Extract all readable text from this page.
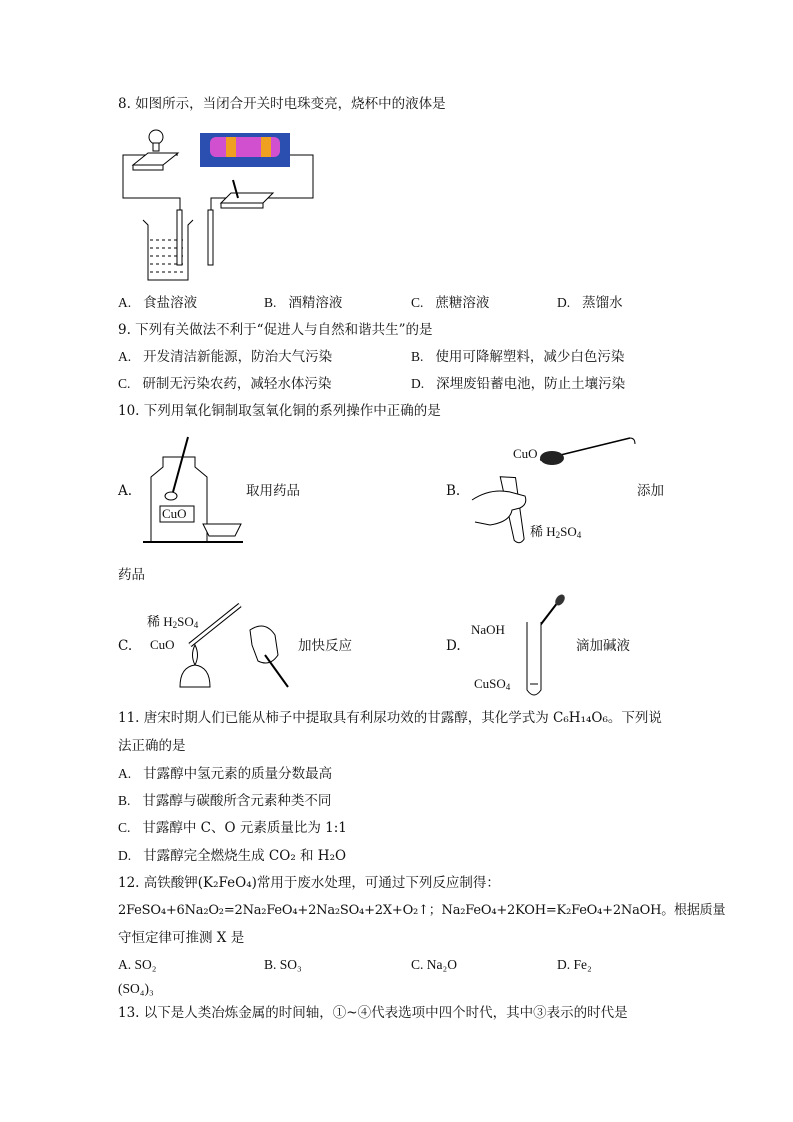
8. 如图所示，当闭合开关时电珠变亮，烧杯中的液体是
A. 食盐溶液	B. 酒精溶液	C. 蔗糖溶液	D. 蒸馏水
9. 下列有关做法不利于“促进人与自然和谐共生”的是
A. 开发清洁新能源，防治大气污染	B. 使用可降解塑料，减少白色污染
C. 研制无污染农药，减轻水体污染	D. 深埋废铅蓄电池，防止土壤污染
10. 下列用氧化铜制取氢氧化铜的系列操作中正确的是
A.
CuO
取用药品	B.
CuO
稀 $H_2SO_4$
添加
药品
C.
稀 $H_2SO_4$
CuO	加快反应	D.
NaOH
CuSO$_4$
滴加碱液
11. 唐宋时期人们已能从柿子中提取具有利尿功效的甘露醇，其化学式为 C₆H₁₄O₆。下列说
法正确的是
A. 甘露醇中氢元素的质量分数最高
B. 甘露醇与碳酸所含元素种类不同
C. 甘露醇中 C、O 元素质量比为 1:1
D. 甘露醇完全燃烧生成 CO₂ 和 H₂O
12. 高铁酸钾(K₂FeO₄)常用于废水处理，可通过下列反应制得：
2FeSO₄+6Na₂O₂=2Na₂FeO₄+2Na₂SO₄+2X+O₂↑；Na₂FeO₄+2KOH=K₂FeO₄+2NaOH。根据质量
守恒定律可推测 X 是
A. SO₂	B. SO₃	C. Na₂O	D. Fe₂
(SO₄)₃
13. 以下是人类冶炼金属的时间轴，①~④代表选项中四个时代，其中③表示的时代是
